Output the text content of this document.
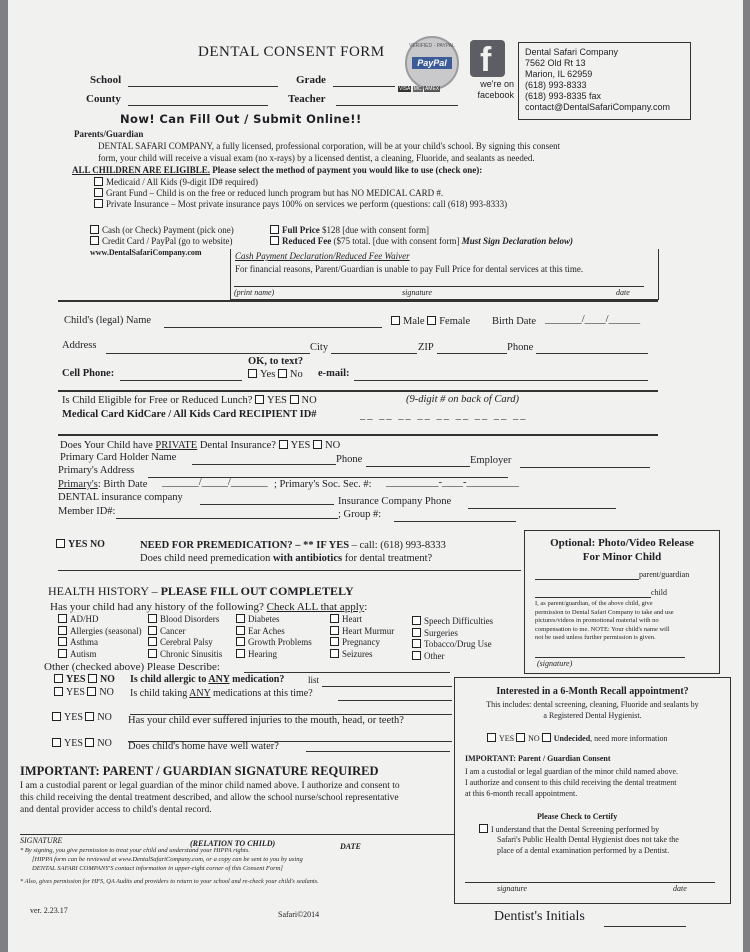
DENTAL CONSENT FORM
School	Grade
County	Teacher
Now! Can Fill Out / Submit Online!!
VERIFIED · PAYPAL
PayPal
VISA MC AMEX
f
we're on facebook
Dental Safari Company
7562 Old Rt 13
Marion, IL 62959
(618) 993-8333
(618) 993-8335 fax
contact@DentalSafariCompany.com
Parents/Guardian
DENTAL SAFARI COMPANY, a fully licensed, professional corporation, will be at your child's school. By signing this consent
form, your child will receive a visual exam (no x-rays) by a licensed dentist, a cleaning, Fluoride, and sealants as needed.
ALL CHILDREN ARE ELIGIBLE. Please select the method of payment you would like to use (check one):
Medicaid / All Kids (9-digit ID# required)
Grant Fund – Child is on the free or reduced lunch program but has NO MEDICAL CARD #.
Private Insurance – Most private insurance pays 100% on services we perform (questions: call (618) 993-8333)
Cash (or Check) Payment (pick one)
Credit Card / PayPal (go to website)
Full Price $128 [due with consent form]
Reduced Fee ($75 total. [due with consent form] Must Sign Declaration below)
www.DentalSafariCompany.com	Cash Payment Declaration/Reduced Fee Waiver
For financial reasons, Parent/Guardian is unable to pay Full Price for dental services at this time.
(print name)	signature	date
Child's (legal) Name	Male Female Birth Date _______/____/______
Address	City	ZIP	Phone
OK, to text?
Cell Phone:	Yes No e-mail:
Is Child Eligible for Free or Reduced Lunch? YES NO	(9-digit # on back of Card)
Medical Card KidCare / All Kids Card RECIPIENT ID#	__ __ __ __ __ __ __ __ __
Does Your Child have PRIVATE Dental Insurance? YES NO
Primary Card Holder Name	Phone	Employer
Primary's Address
Primary's: Birth Date _______/_____/_______ ; Primary's Soc. Sec. #: __________-____-__________
DENTAL insurance company	Insurance Company Phone
Member ID#:	; Group #:
YES NO	NEED FOR PREMEDICATION? – ** IF YES – call: (618) 993-8333
Does child need premedication with antibiotics for dental treatment?
Optional: Photo/Video Release
For Minor Child
parent/guardian
child
I, as parent/guardian, of the above child, give
permission to Dental Safari Company to take and use
pictures/videos in promotional material with no
compensation to me. NOTE: Your child's name will
not be used unless further permission is given.
(signature)
HEALTH HISTORY – PLEASE FILL OUT COMPLETELY
Has your child had any history of the following? Check ALL that apply:
AD/HD
Allergies (seasonal)
Asthma
Autism
Blood Disorders
Cancer
Cerebral Palsy
Chronic Sinusitis
Diabetes
Ear Aches
Growth Problems
Hearing
Heart
Heart Murmur
Pregnancy
Seizures
Speech Difficulties
Surgeries
Tobacco/Drug Use
Other
Other (checked above) Please Describe:
YES NO Is child allergic to ANY medication?	list
YES NO Is child taking ANY medications at this time?
YES NO Has your child ever suffered injuries to the mouth, head, or teeth?
YES NO Does child's home have well water?
IMPORTANT: PARENT / GUARDIAN SIGNATURE REQUIRED
I am a custodial parent or legal guardian of the minor child named above. I authorize and consent to
this child receiving the dental treatment described, and allow the school nurse/school representative
and dental provider access to child's dental record.
SIGNATURE	(RELATION TO CHILD)	DATE
* By signing, you give permission to treat your child and understand your HIPPA rights.
[HIPPA form can be reviewed at www.DentalSafariCompany.com, or a copy can be sent to you by using
DENTAL SAFARI COMPANY'S contact information in upper-right corner of this Consent Form]
* Also, gives permission for HFS, QA Audits and providers to return to your school and re-check your child's sealants.
ver. 2.23.17	Safari©2014
Interested in a 6-Month Recall appointment?
This includes: dental screening, cleaning, Fluoride and sealants by
a Registered Dental Hygienist.
YES NO Undecided, need more information
IMPORTANT: Parent / Guardian Consent
I am a custodial or legal guardian of the minor child named above.
I authorize and consent to this child receiving the dental treatment
at this 6-month recall appointment.
Please Check to Certify
I understand that the Dental Screening performed by
Safari's Public Health Dental Hygienist does not take the
place of a dental examination performed by a Dentist.
signature	date
Dentist's Initials
